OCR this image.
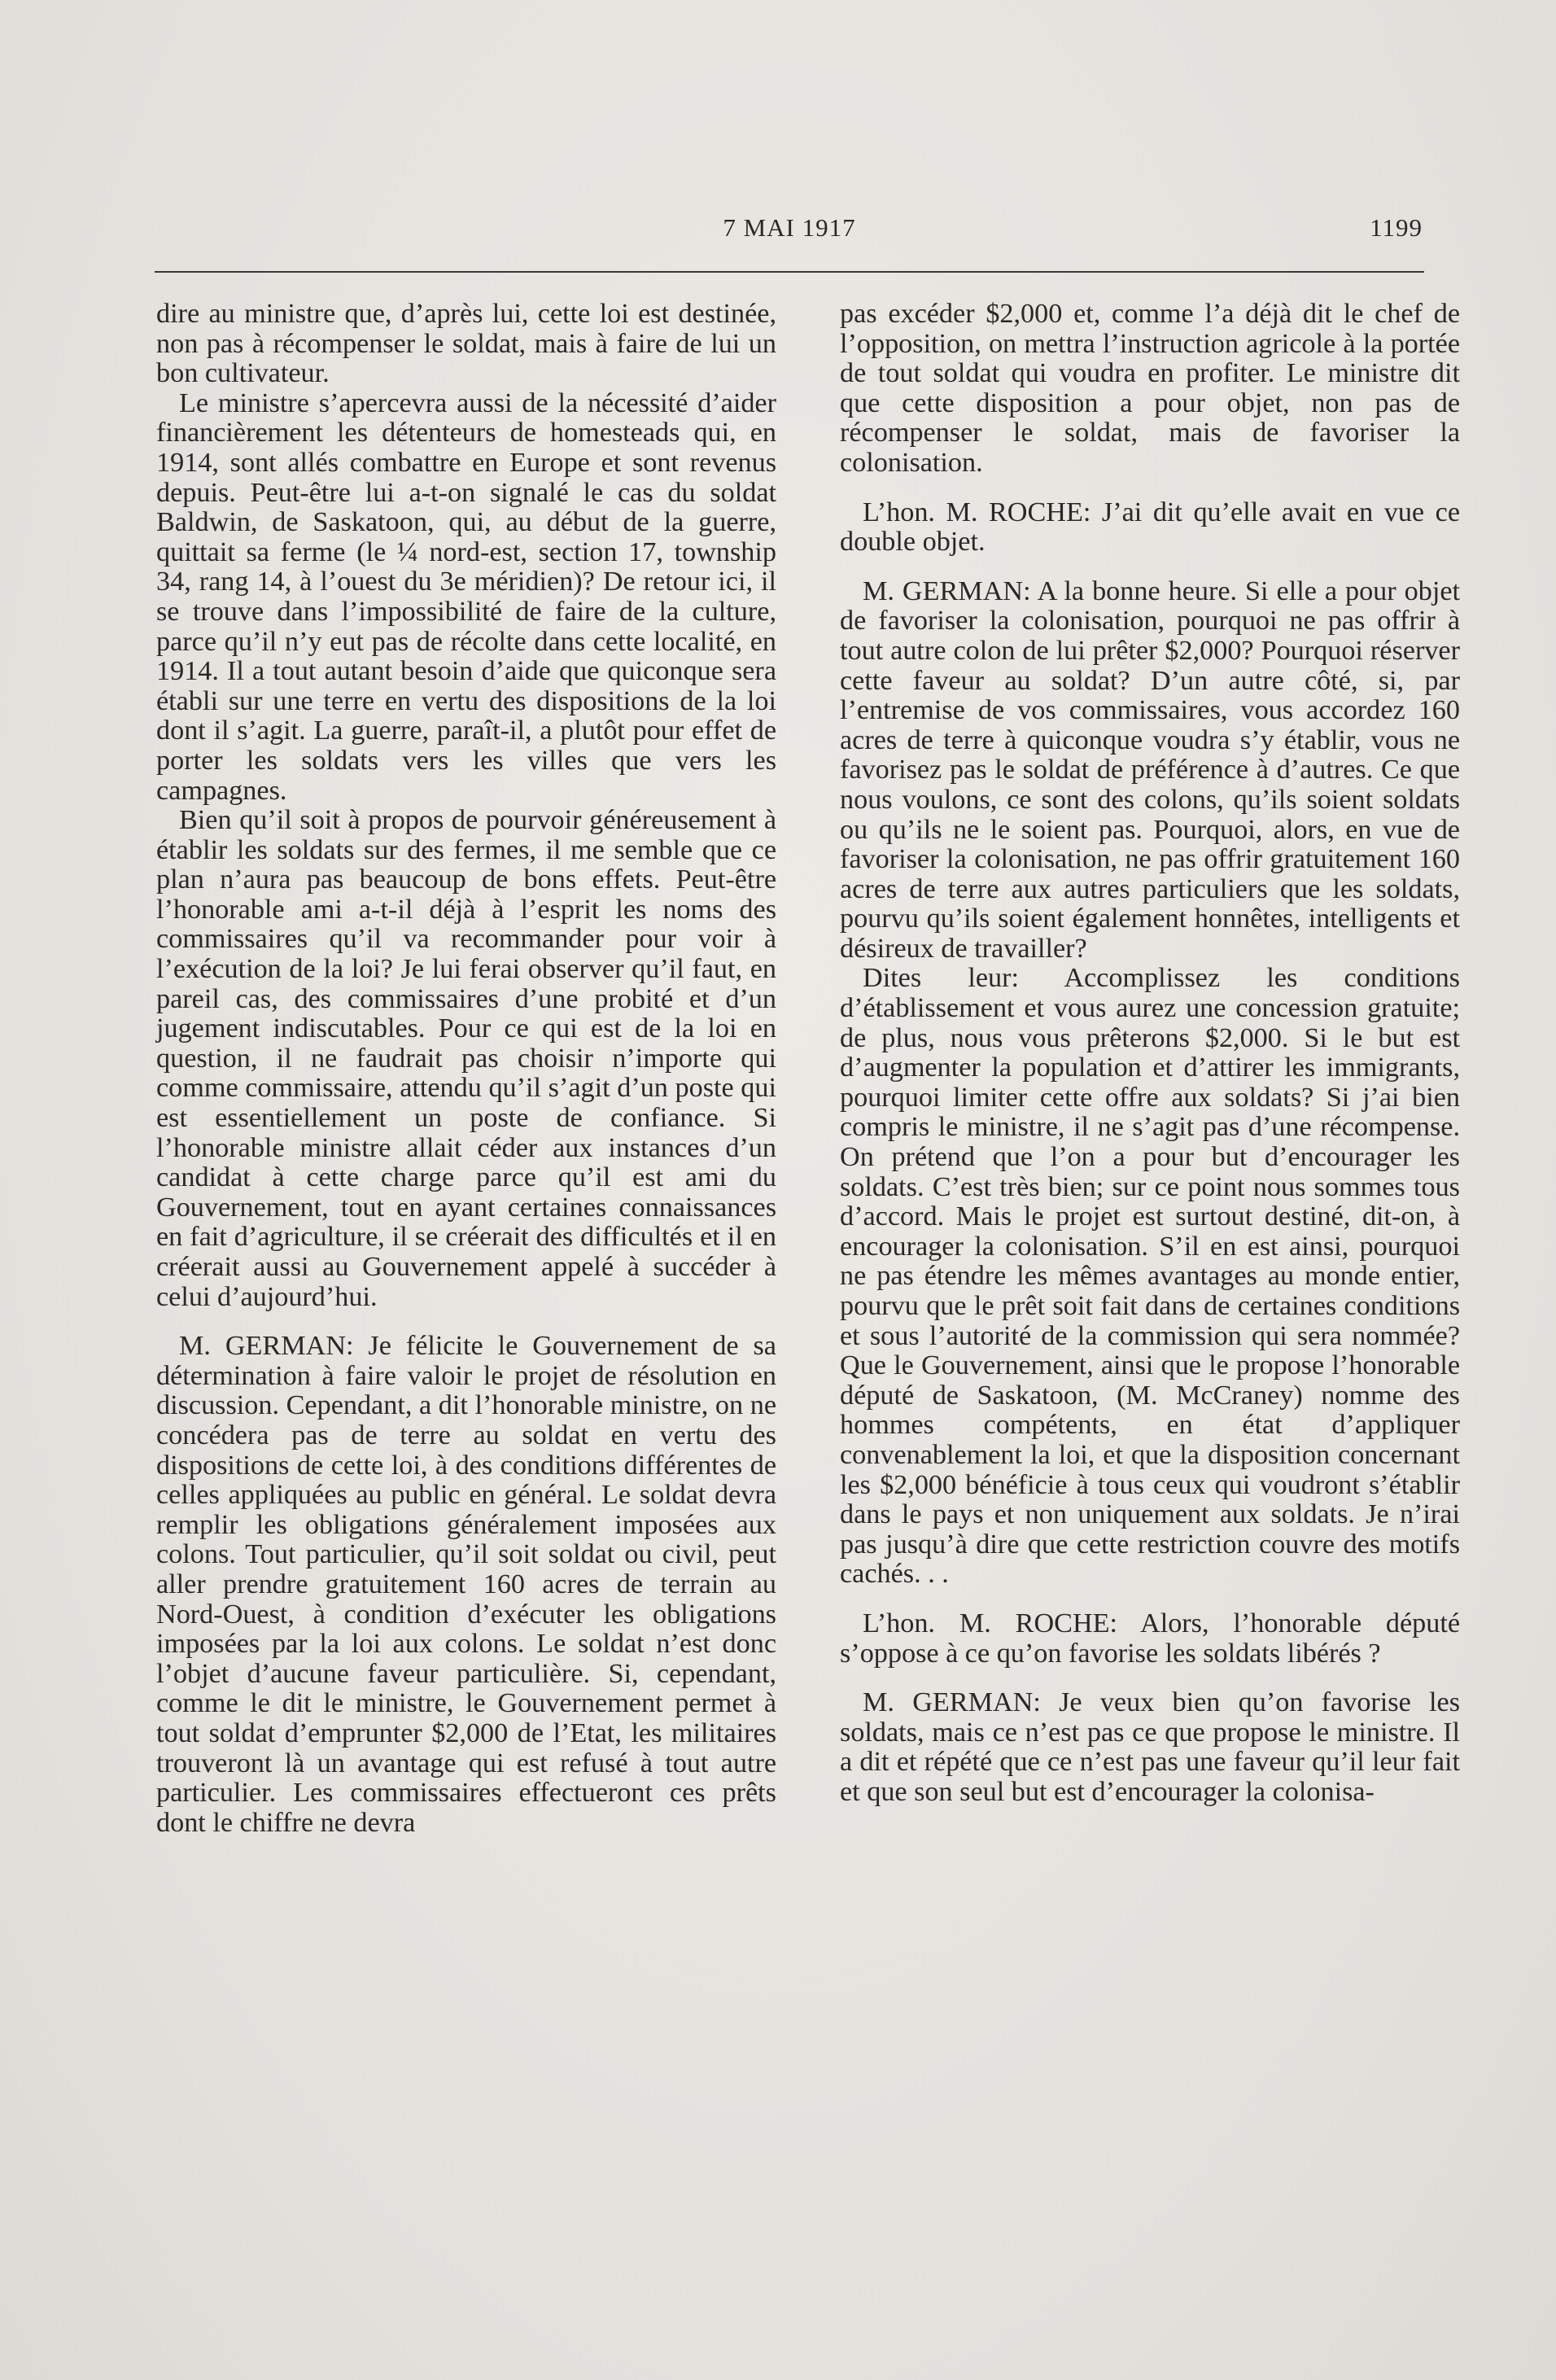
7 MAI 1917	1199

dire au ministre que, d’après lui, cette loi est destinée, non pas à récompenser le soldat, mais à faire de lui un bon cultivateur.

Le ministre s’apercevra aussi de la nécessité d’aider financièrement les détenteurs de homesteads qui, en 1914, sont allés combattre en Europe et sont revenus depuis. Peut-être lui a-t-on signalé le cas du soldat Baldwin, de Saskatoon, qui, au début de la guerre, quittait sa ferme (le ¼ nord-est, section 17, township 34, rang 14, à l’ouest du 3e méridien)? De retour ici, il se trouve dans l’impossibilité de faire de la culture, parce qu’il n’y eut pas de récolte dans cette localité, en 1914. Il a tout autant besoin d’aide que quiconque sera établi sur une terre en vertu des dispositions de la loi dont il s’agit. La guerre, paraît-il, a plutôt pour effet de porter les soldats vers les villes que vers les campagnes.

Bien qu’il soit à propos de pourvoir généreusement à établir les soldats sur des fermes, il me semble que ce plan n’aura pas beaucoup de bons effets. Peut-être l’honorable ami a-t-il déjà à l’esprit les noms des commissaires qu’il va recommander pour voir à l’exécution de la loi? Je lui ferai observer qu’il faut, en pareil cas, des commissaires d’une probité et d’un jugement indiscutables. Pour ce qui est de la loi en question, il ne faudrait pas choisir n’importe qui comme commissaire, attendu qu’il s’agit d’un poste qui est essentiellement un poste de confiance. Si l’honorable ministre allait céder aux instances d’un candidat à cette charge parce qu’il est ami du Gouvernement, tout en ayant certaines connaissances en fait d’agriculture, il se créerait des difficultés et il en créerait aussi au Gouvernement appelé à succéder à celui d’aujourd’hui.

M. GERMAN: Je félicite le Gouvernement de sa détermination à faire valoir le projet de résolution en discussion. Cependant, a dit l’honorable ministre, on ne concédera pas de terre au soldat en vertu des dispositions de cette loi, à des conditions différentes de celles appliquées au public en général. Le soldat devra remplir les obligations généralement imposées aux colons. Tout particulier, qu’il soit soldat ou civil, peut aller prendre gratuitement 160 acres de terrain au Nord-Ouest, à condition d’exécuter les obligations imposées par la loi aux colons. Le soldat n’est donc l’objet d’aucune faveur particulière. Si, cependant, comme le dit le ministre, le Gouvernement permet à tout soldat d’emprunter $2,000 de l’Etat, les militaires trouveront là un avantage qui est refusé à tout autre particulier. Les commissaires effectueront ces prêts dont le chiffre ne devra

pas excéder $2,000 et, comme l’a déjà dit le chef de l’opposition, on mettra l’instruction agricole à la portée de tout soldat qui voudra en profiter. Le ministre dit que cette disposition a pour objet, non pas de récompenser le soldat, mais de favoriser la colonisation.

L’hon. M. ROCHE: J’ai dit qu’elle avait en vue ce double objet.

M. GERMAN: A la bonne heure. Si elle a pour objet de favoriser la colonisation, pourquoi ne pas offrir à tout autre colon de lui prêter $2,000? Pourquoi réserver cette faveur au soldat? D’un autre côté, si, par l’entremise de vos commissaires, vous accordez 160 acres de terre à quiconque voudra s’y établir, vous ne favorisez pas le soldat de préférence à d’autres. Ce que nous voulons, ce sont des colons, qu’ils soient soldats ou qu’ils ne le soient pas. Pourquoi, alors, en vue de favoriser la colonisation, ne pas offrir gratuitement 160 acres de terre aux autres particuliers que les soldats, pourvu qu’ils soient également honnêtes, intelligents et désireux de travailler?

Dites leur: Accomplissez les conditions d’établissement et vous aurez une concession gratuite; de plus, nous vous prêterons $2,000. Si le but est d’augmenter la population et d’attirer les immigrants, pourquoi limiter cette offre aux soldats? Si j’ai bien compris le ministre, il ne s’agit pas d’une récompense. On prétend que l’on a pour but d’encourager les soldats. C’est très bien; sur ce point nous sommes tous d’accord. Mais le projet est surtout destiné, dit-on, à encourager la colonisation. S’il en est ainsi, pourquoi ne pas étendre les mêmes avantages au monde entier, pourvu que le prêt soit fait dans de certaines conditions et sous l’autorité de la commission qui sera nommée? Que le Gouvernement, ainsi que le propose l’honorable député de Saskatoon, (M. McCraney) nomme des hommes compétents, en état d’appliquer convenablement la loi, et que la disposition concernant les $2,000 bénéficie à tous ceux qui voudront s’établir dans le pays et non uniquement aux soldats. Je n’irai pas jusqu’à dire que cette restriction couvre des motifs cachés. . .

L’hon. M. ROCHE: Alors, l’honorable député s’oppose à ce qu’on favorise les soldats libérés ?

M. GERMAN: Je veux bien qu’on favorise les soldats, mais ce n’est pas ce que propose le ministre. Il a dit et répété que ce n’est pas une faveur qu’il leur fait et que son seul but est d’encourager la colonisa-
